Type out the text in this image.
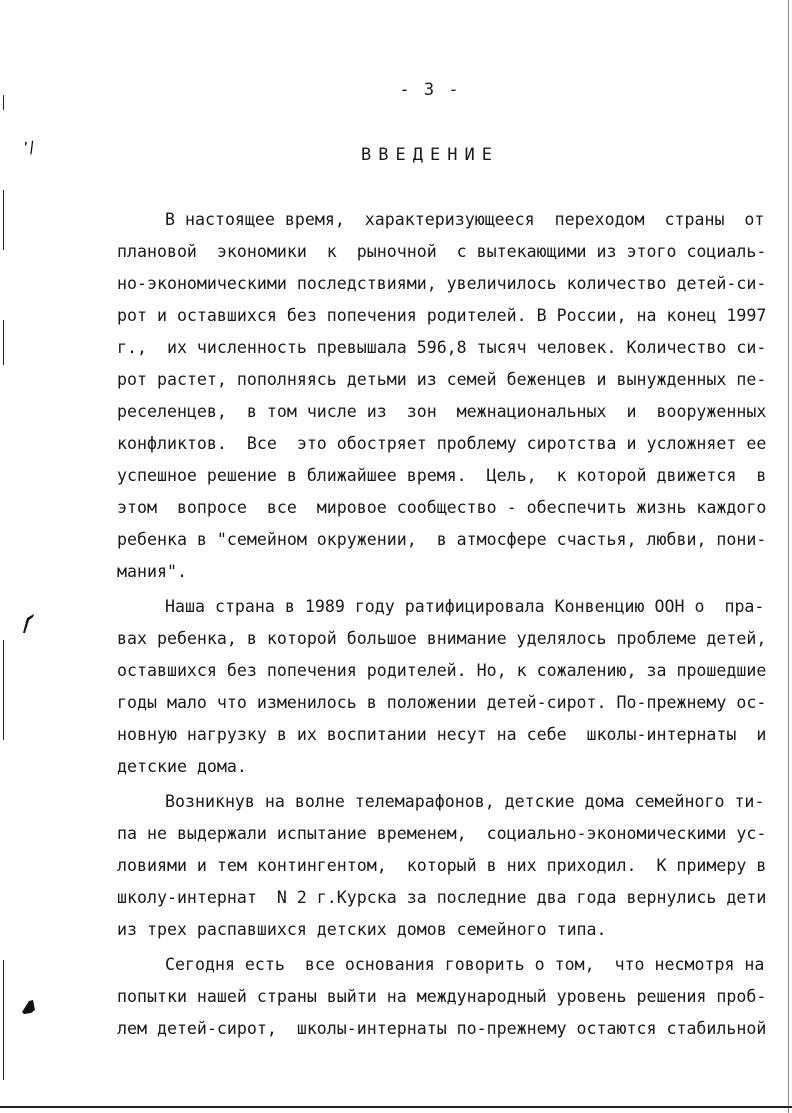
- 3 -
ВВЕДЕНИЕ
В настоящее время,  характеризующееся  переходом  страны  от
плановой  экономики  к  рыночной  с вытекающими из этого социаль-
но-экономическими последствиями, увеличилось количество детей-си-
рот и оставшихся без попечения родителей. В России, на конец 1997
г.,  их численность превышала 596,8 тысяч человек. Количество си-
рот растет, пополняясь детьми из семей беженцев и вынужденных пе-
реселенцев,  в том числе из  зон  межнациональных  и  вооруженных
конфликтов.  Все  это обостряет проблему сиротства и усложняет ее
успешное решение в ближайшее время.  Цель,  к которой движется  в
этом  вопросе  все  мировое сообщество - обеспечить жизнь каждого
ребенка в "семейном окружении,  в атмосфере счастья, любви, пони-
мания".
Наша страна в 1989 году ратифицировала Конвенцию ООН о  пра-
вах ребенка, в которой большое внимание уделялось проблеме детей,
оставшихся без попечения родителей. Но, к сожалению, за прошедшие
годы мало что изменилось в положении детей-сирот. По-прежнему ос-
новную нагрузку в их воспитании несут на себе  школы-интернаты  и
детские дома.
Возникнув на волне телемарафонов, детские дома семейного ти-
па не выдержали испытание временем,  социально-экономическими ус-
ловиями и тем контингентом,  который в них приходил.  К примеру в
школу-интернат  N 2 г.Курска за последние два года вернулись дети
из трех распавшихся детских домов семейного типа.
Сегодня есть  все основания говорить о том,  что несмотря на
попытки нашей страны выйти на международный уровень решения проб-
лем детей-сирот,  школы-интернаты по-прежнему остаются стабильной
’/
